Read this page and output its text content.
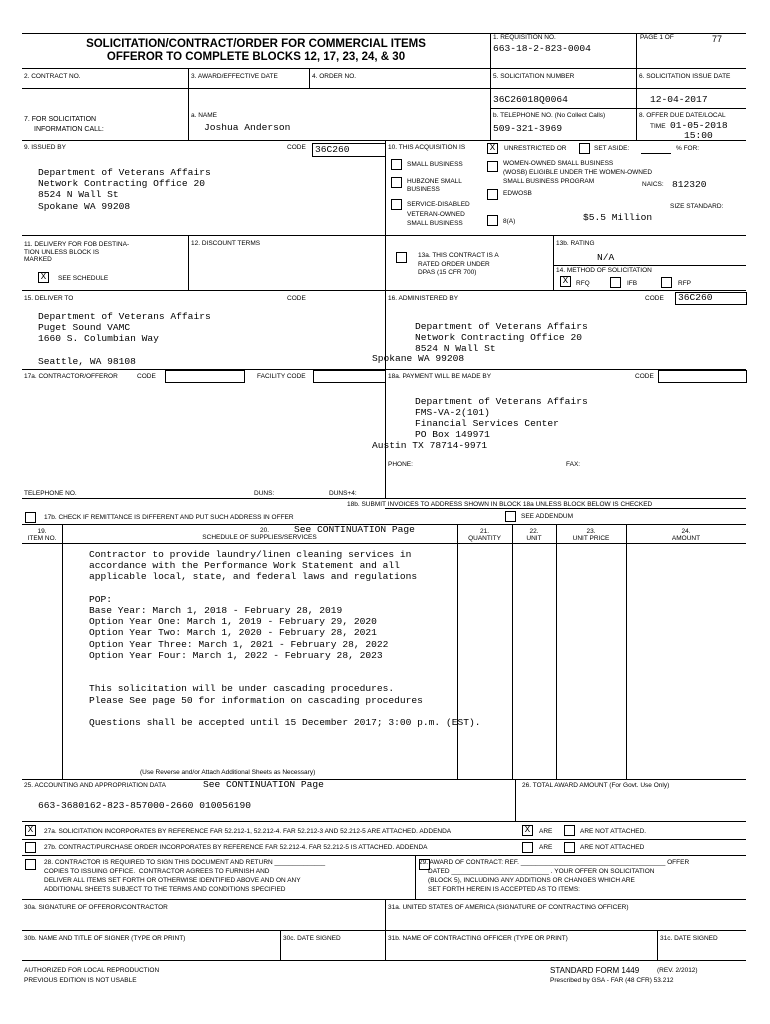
SOLICITATION/CONTRACT/ORDER FOR COMMERCIAL ITEMS
OFFEROR TO COMPLETE BLOCKS 12, 17, 23, 24, & 30
1. REQUISITION NO.
663-18-2-823-0004
PAGE 1 OF	77
2. CONTRACT NO.	3. AWARD/EFFECTIVE DATE	4. ORDER NO.	5. SOLICITATION NUMBER
36C26018Q0064
6. SOLICITATION ISSUE DATE
12-04-2017
7. FOR SOLICITATION
INFORMATION CALL:
a. NAME
Joshua Anderson
b. TELEPHONE NO. (No Collect Calls)
509-321-3969
8. OFFER DUE DATE/LOCAL
TIME 01-05-2018
15:00
9. ISSUED BY	CODE 36C260
Department of Veterans Affairs
Network Contracting Office 20
8524 N Wall St
Spokane WA 99208
10. THIS ACQUISITION IS	X	UNRESTRICTED OR	SET ASIDE:	% FOR:
SMALL BUSINESS
HUBZONE SMALL
BUSINESS
SERVICE-DISABLED
VETERAN-OWNED
SMALL BUSINESS
WOMEN-OWNED SMALL BUSINESS
(WOSB) ELIGIBLE UNDER THE WOMEN-OWNED
SMALL BUSINESS PROGRAM
EDWOSB
8(A)
NAICS: 812320
SIZE STANDARD:
$5.5 Million
11. DELIVERY FOR FOB DESTINA-
TION UNLESS BLOCK IS
MARKED
X	SEE SCHEDULE
12. DISCOUNT TERMS
13a. THIS CONTRACT IS A
RATED ORDER UNDER
DPAS (15 CFR 700)
13b. RATING
N/A
14. METHOD OF SOLICITATION
X	RFQ	IFB	RFP
15. DELIVER TO	CODE
Department of Veterans Affairs
Puget Sound VAMC
1660 S. Columbian Way

Seattle, WA 98108
16. ADMINISTERED BY	CODE 36C260
Department of Veterans Affairs
Network Contracting Office 20
8524 N Wall St
Spokane WA 99208
17a. CONTRACTOR/OFFEROR	CODE	FACILITY CODE
TELEPHONE NO.	DUNS:	DUNS+4:
17b. CHECK IF REMITTANCE IS DIFFERENT AND PUT SUCH ADDRESS IN OFFER
18a. PAYMENT WILL BE MADE BY	CODE
Department of Veterans Affairs
FMS-VA-2(101)
Financial Services Center
PO Box 149971
Austin TX 78714-9971
PHONE:	FAX:
18b. SUBMIT INVOICES TO ADDRESS SHOWN IN BLOCK 18a UNLESS BLOCK BELOW IS CHECKED
SEE ADDENDUM
19.
ITEM NO.
20.	See CONTINUATION Page
SCHEDULE OF SUPPLIES/SERVICES
21.
QUANTITY
22.
UNIT
23.
UNIT PRICE
24.
AMOUNT
Contractor to provide laundry/linen cleaning services in
accordance with the Performance Work Statement and all
applicable local, state, and federal laws and regulations

POP:
Base Year: March 1, 2018 - February 28, 2019
Option Year One: March 1, 2019 - February 29, 2020
Option Year Two: March 1, 2020 - February 28, 2021
Option Year Three: March 1, 2021 - February 28, 2022
Option Year Four: March 1, 2022 - February 28, 2023

This solicitation will be under cascading procedures.
Please See page 50 for information on cascading procedures

Questions shall be accepted until 15 December 2017; 3:00 p.m. (EST).
(Use Reverse and/or Attach Additional Sheets as Necessary)
25. ACCOUNTING AND APPROPRIATION DATA	See CONTINUATION Page
663-3680162-823-857000-2660 010056190
26. TOTAL AWARD AMOUNT (For Govt. Use Only)
X	27a. SOLICITATION INCORPORATES BY REFERENCE FAR 52.212-1, 52.212-4. FAR 52.212-3 AND 52.212-5 ARE ATTACHED. ADDENDA	X	ARE	ARE NOT ATTACHED.
27b. CONTRACT/PURCHASE ORDER INCORPORATES BY REFERENCE FAR 52.212-4. FAR 52.212-5 IS ATTACHED. ADDENDA	ARE	ARE NOT ATTACHED
28. CONTRACTOR IS REQUIRED TO SIGN THIS DOCUMENT AND RETURN ______________
COPIES TO ISSUING OFFICE.  CONTRACTOR AGREES TO FURNISH AND
DELIVER ALL ITEMS SET FORTH OR OTHERWISE IDENTIFIED ABOVE AND ON ANY
ADDITIONAL SHEETS SUBJECT TO THE TERMS AND CONDITIONS SPECIFIED
29. AWARD OF CONTRACT: REF. ________________________________________ OFFER
DATED ___________________________ . YOUR OFFER ON SOLICITATION
(BLOCK 5), INCLUDING ANY ADDITIONS OR CHANGES WHICH ARE
SET FORTH HEREIN IS ACCEPTED AS TO ITEMS:
30a. SIGNATURE OF OFFEROR/CONTRACTOR	31a. UNITED STATES OF AMERICA (SIGNATURE OF CONTRACTING OFFICER)
30b. NAME AND TITLE OF SIGNER (TYPE OR PRINT)	30c. DATE SIGNED	31b. NAME OF CONTRACTING OFFICER (TYPE OR PRINT)	31c. DATE SIGNED
AUTHORIZED FOR LOCAL REPRODUCTION
PREVIOUS EDITION IS NOT USABLE
STANDARD FORM 1449	(REV. 2/2012)
Prescribed by GSA - FAR (48 CFR) 53.212
